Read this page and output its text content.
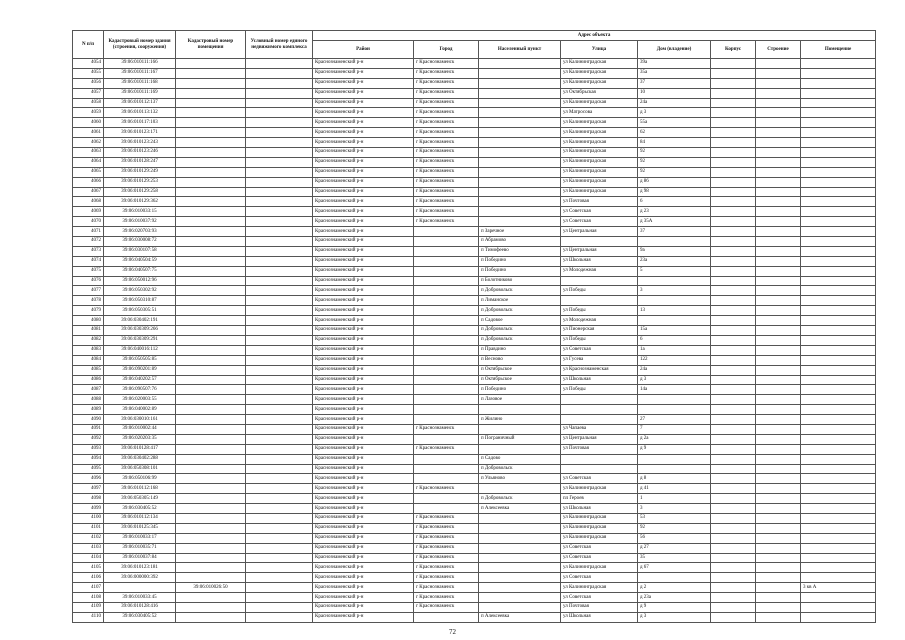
N п/п	Кадастровый номер здания (строения, сооружения)	Кадастровый номер помещения	Условный номер единого недвижимого комплекса	Адрес объекта							
				Район	Город	Населенный пункт	Улица	Дом (владение)	Корпус	Строение	Помещение
4054	39:06:010111:166			Краснознаменский р-н	г Краснознаменск		ул Калининградская	39а			
4055	39:06:010111:167			Краснознаменский р-н	г Краснознаменск		ул Калининградская	35а			
4056	39:06:010111:168			Краснознаменский р-н	г Краснознаменск		ул Калининградская	37			
4057	39:06:010111:169			Краснознаменский р-н	г Краснознаменск		ул Октябрьская	10			
4058	39:06:010112:137			Краснознаменский р-н	г Краснознаменск		ул Калининградская	24а			
4059	39:06:010113:132			Краснознаменский р-н	г Краснознаменск		ул Матросова	д 3			
4060	39:06:010117:103			Краснознаменский р-н	г Краснознаменск		ул Калининградская	55а			
4061	39:06:010123:171			Краснознаменский р-н	г Краснознаменск		ул Калининградская	62			
4062	39:06:010123:243			Краснознаменский р-н	г Краснознаменск		ул Калининградская	84			
4063	39:06:010123:246			Краснознаменский р-н	г Краснознаменск		ул Калининградская	92			
4064	39:06:010128:247			Краснознаменский р-н	г Краснознаменск		ул Калининградская	92			
4065	39:06:010129:249			Краснознаменский р-н	г Краснознаменск		ул Калининградская	92			
4066	39:06:010129:253			Краснознаменский р-н	г Краснознаменск		ул Калининградская	д 86			
4067	39:06:010129:258			Краснознаменский р-н	г Краснознаменск		ул Калининградская	д 98			
4068	39:06:010129:362			Краснознаменский р-н	г Краснознаменск		ул Почтовая	6			
4069	39:06:010033:15			Краснознаменский р-н	г Краснознаменск		ул Советская	д 23			
4070	39:06:010037:92			Краснознаменский р-н	г Краснознаменск		ул Советская	д 35А			
4071	39:06:020703:93			Краснознаменский р-н		п Заречное	ул Центральная	37			
4072	39:06:030008:72			Краснознаменский р-н		п Абрамово					
4073	39:06:030107:58			Краснознаменский р-н		п Тимофеево	ул Центральная	9а			
4074	39:06:040504:59			Краснознаменский р-н		п Победино	ул Школьная	23а			
4075	39:06:040507:75			Краснознаменский р-н		п Победино	ул Молодежная	5			
4076	39:06:050012:96			Краснознаменский р-н		п Болотниково					
4077	39:06:050302:92			Краснознаменский р-н		п Добровольск	ул Победы	3			
4078	39:06:050310:87			Краснознаменский р-н		п Лиманское					
4079	39:06:050305:51			Краснознаменский р-н		п Добровольск	ул Победы	13			
4080	39:06:030402:191			Краснознаменский р-н		п Садовое	ул Молодежная				
4081	39:06:030309:266			Краснознаменский р-н		п Добровольск	ул Пионерская	15а			
4082	39:06:030309:291			Краснознаменский р-н		п Добровольск	ул Победы	6			
4083	39:06:040016:112			Краснознаменский р-н		п Правдино	ул Советская	1а			
4084	39:06:050505:85			Краснознаменский р-н		п Весново	ул Гусева	122			
4085	39:06:090201:89			Краснознаменский р-н		п Октябрьское	ул Краснознаменская	24а			
4086	39:06:040202:57			Краснознаменский р-н		п Октябрьское	ул Школьная	д 3			
4087	39:06:090507:76			Краснознаменский р-н		п Победино	ул Победы	14а			
4088	39:06:020003:55			Краснознаменский р-н		п Лазовое					
4089	39:06:040002:89			Краснознаменский р-н							
4090	39:06:030010:161			Краснознаменский р-н		п Жилино		27			
4091	39:06:010002:44			Краснознаменский р-н	г Краснознаменск		ул Чапаева	7			
4092	39:06:020203:35			Краснознаменский р-н		п Пограничный	ул Центральная	д 2а			
4093	39:06:010128:417			Краснознаменский р-н	г Краснознаменск		ул Почтовая	д 9			
4094	39:06:030402:288			Краснознаменский р-н		п Садово					
4095	39:06:050308:101			Краснознаменский р-н		п Добровольск					
4096	39:06:050106:99			Краснознаменский р-н		п Ульяново	ул Советская	д 8			
4097	39:06:010112:168			Краснознаменский р-н	г Краснознаменск		ул Калининградская	д 41			
4098	39:06:050305:149			Краснознаменский р-н		п Добровольск	пл Героев	1			
4099	39:06:030405:52			Краснознаменский р-н		п Алексеевка	ул Школьная	3			
4100	39:06:010112:134			Краснознаменский р-н	г Краснознаменск		ул Калининградская	53			
4101	39:06:010125:345			Краснознаменский р-н	г Краснознаменск		ул Калининградская	92			
4102	39:06:010033:17			Краснознаменский р-н	г Краснознаменск		ул Калининградская	56			
4103	39:06:010035:71			Краснознаменский р-н	г Краснознаменск		ул Советская	д 27			
4104	39:06:010037:84			Краснознаменский р-н	г Краснознаменск		ул Советская	35			
4105	39:06:010123:181			Краснознаменский р-н	г Краснознаменск		ул Калининградская	д 67			
4106	39:06:000000:392			Краснознаменский р-н	г Краснознаменск		ул Советская				
4107		39:06:010026:50		Краснознаменский р-н	г Краснознаменск		ул Калининградская	д 2			3 кв А
4108	39:06:010033:45			Краснознаменский р-н	г Краснознаменск		ул Советская	д 23а			
4109	39:06:010128:416			Краснознаменский р-н	г Краснознаменск		ул Почтовая	д 9			
4110	39:06:030405:52			Краснознаменский р-н		п Алексеевка	ул Школьная	д 3			
72
